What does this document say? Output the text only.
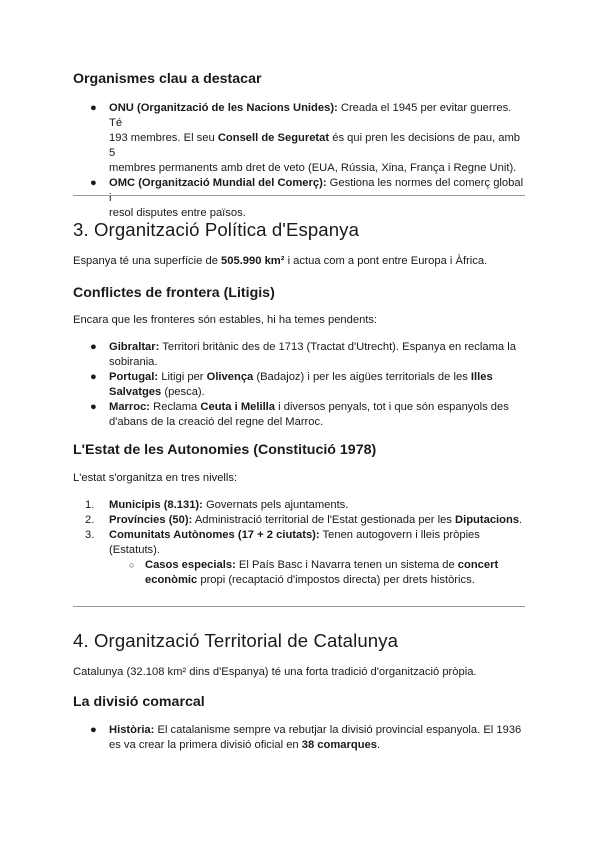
Organismes clau a destacar
● ONU (Organització de les Nacions Unides): Creada el 1945 per evitar guerres. Té
193 membres. El seu Consell de Seguretat és qui pren les decisions de pau, amb 5
membres permanents amb dret de veto (EUA, Rússia, Xina, França i Regne Unit).
● OMC (Organització Mundial del Comerç): Gestiona les normes del comerç global i
resol disputes entre països.
3. Organització Política d'Espanya

Espanya té una superfície de 505.990 km² i actua com a pont entre Europa i Àfrica.

Conflictes de frontera (Litigis)

Encara que les fronteres són estables, hi ha temes pendents:

● Gibraltar: Territori britànic des de 1713 (Tractat d'Utrecht). Espanya en reclama la
sobirania.
● Portugal: Litigi per Olivença (Badajoz) i per les aigües territorials de les Illes
Salvatges (pesca).
● Marroc: Reclama Ceuta i Melilla i diversos penyals, tot i que són espanyols des
d'abans de la creació del regne del Marroc.
L'Estat de les Autonomies (Constitució 1978)

L'estat s'organitza en tres nivells:

1. Municipis (8.131): Governats pels ajuntaments.
2. Províncies (50): Administració territorial de l'Estat gestionada per les Diputacions.
3. Comunitats Autònomes (17 + 2 ciutats): Tenen autogovern i lleis pròpies
(Estatuts).
○ Casos especials: El País Basc i Navarra tenen un sistema de concert
econòmic propi (recaptació d'impostos directa) per drets històrics.
4. Organització Territorial de Catalunya

Catalunya (32.108 km² dins d'Espanya) té una forta tradició d'organització pròpia.

La divisió comarcal
● Història: El catalanisme sempre va rebutjar la divisió provincial espanyola. El 1936
es va crear la primera divisió oficial en 38 comarques.
